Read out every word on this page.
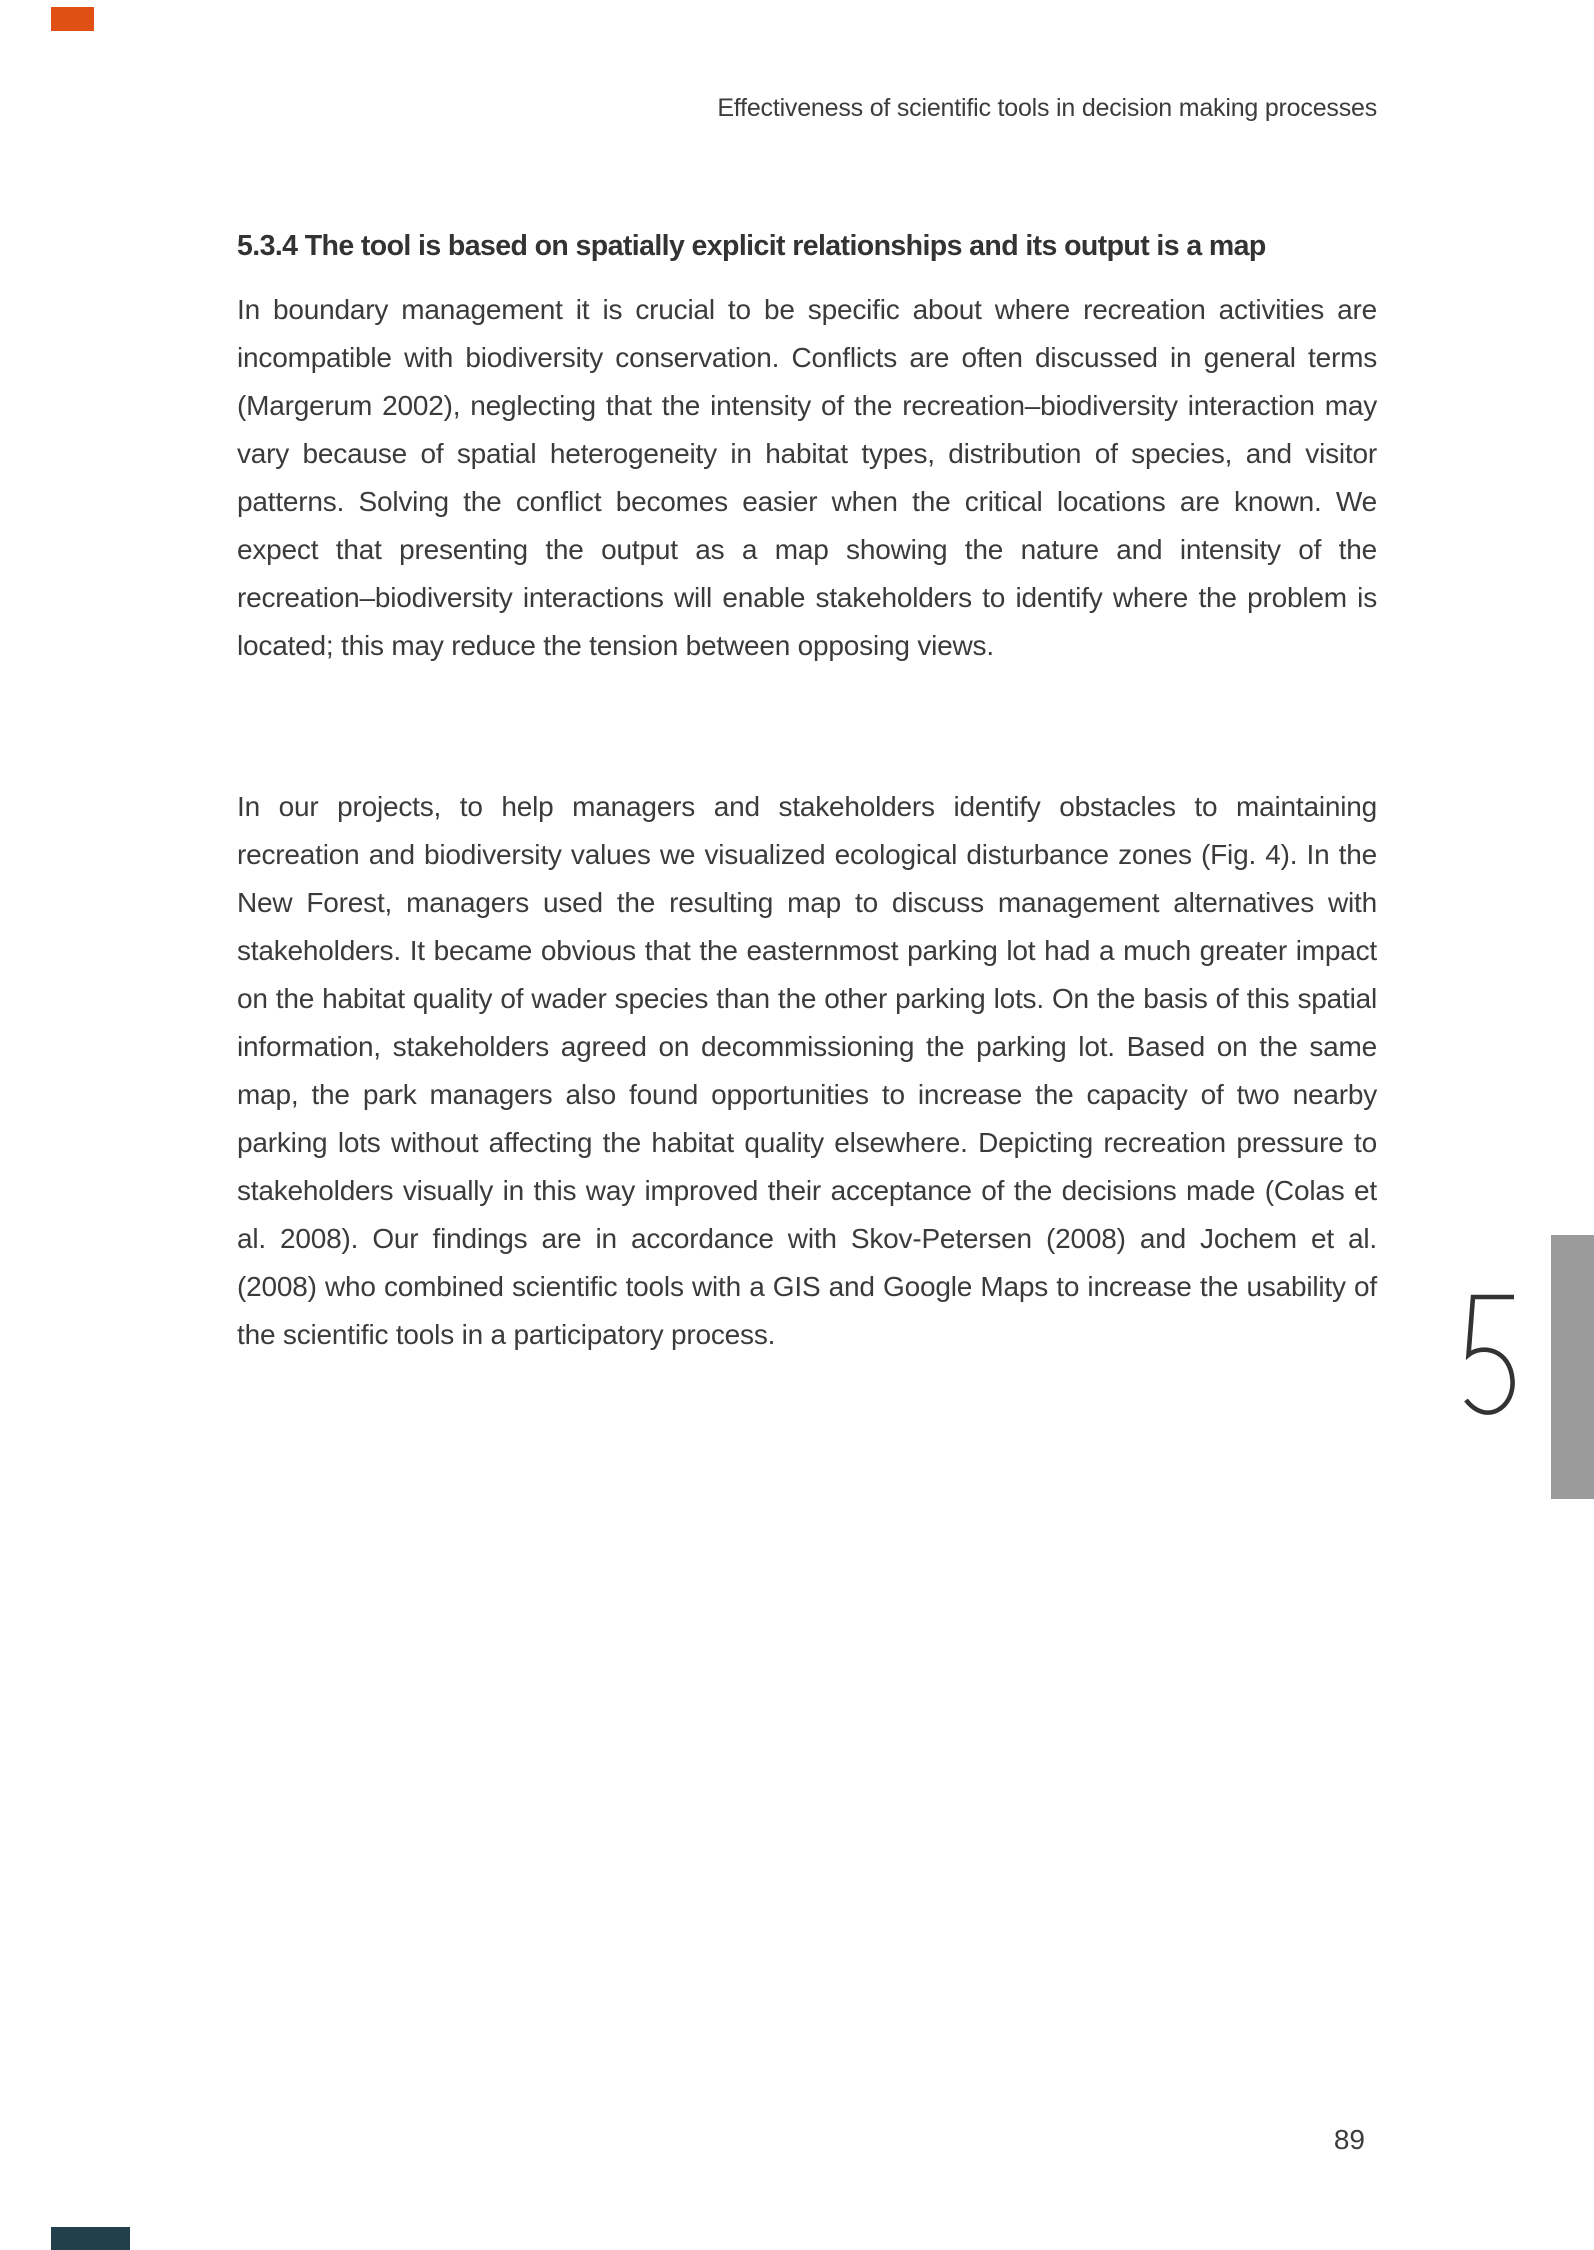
Effectiveness of scientific tools in decision making processes
5.3.4 The tool is based on spatially explicit relationships and its output is a map
In boundary management it is crucial to be specific about where recreation activities are incompatible with biodiversity conservation. Conflicts are often discussed in general terms (Margerum 2002), neglecting that the intensity of the recreation–biodiversity interaction may vary because of spatial heterogeneity in habitat types, distribution of species, and visitor patterns. Solving the conflict becomes easier when the critical locations are known. We expect that presenting the output as a map showing the nature and intensity of the recreation–biodiversity interactions will enable stakeholders to identify where the problem is located; this may reduce the tension between opposing views.
In our projects, to help managers and stakeholders identify obstacles to maintaining recreation and biodiversity values we visualized ecological disturbance zones (Fig. 4). In the New Forest, managers used the resulting map to discuss management alternatives with stakeholders. It became obvious that the easternmost parking lot had a much greater impact on the habitat quality of wader species than the other parking lots. On the basis of this spatial information, stakeholders agreed on decommissioning the parking lot. Based on the same map, the park managers also found opportunities to increase the capacity of two nearby parking lots without affecting the habitat quality elsewhere. Depicting recreation pressure to stakeholders visually in this way improved their acceptance of the decisions made (Colas et al. 2008). Our findings are in accordance with Skov-Petersen (2008) and Jochem et al. (2008) who combined scientific tools with a GIS and Google Maps to increase the usability of the scientific tools in a participatory process.
89
